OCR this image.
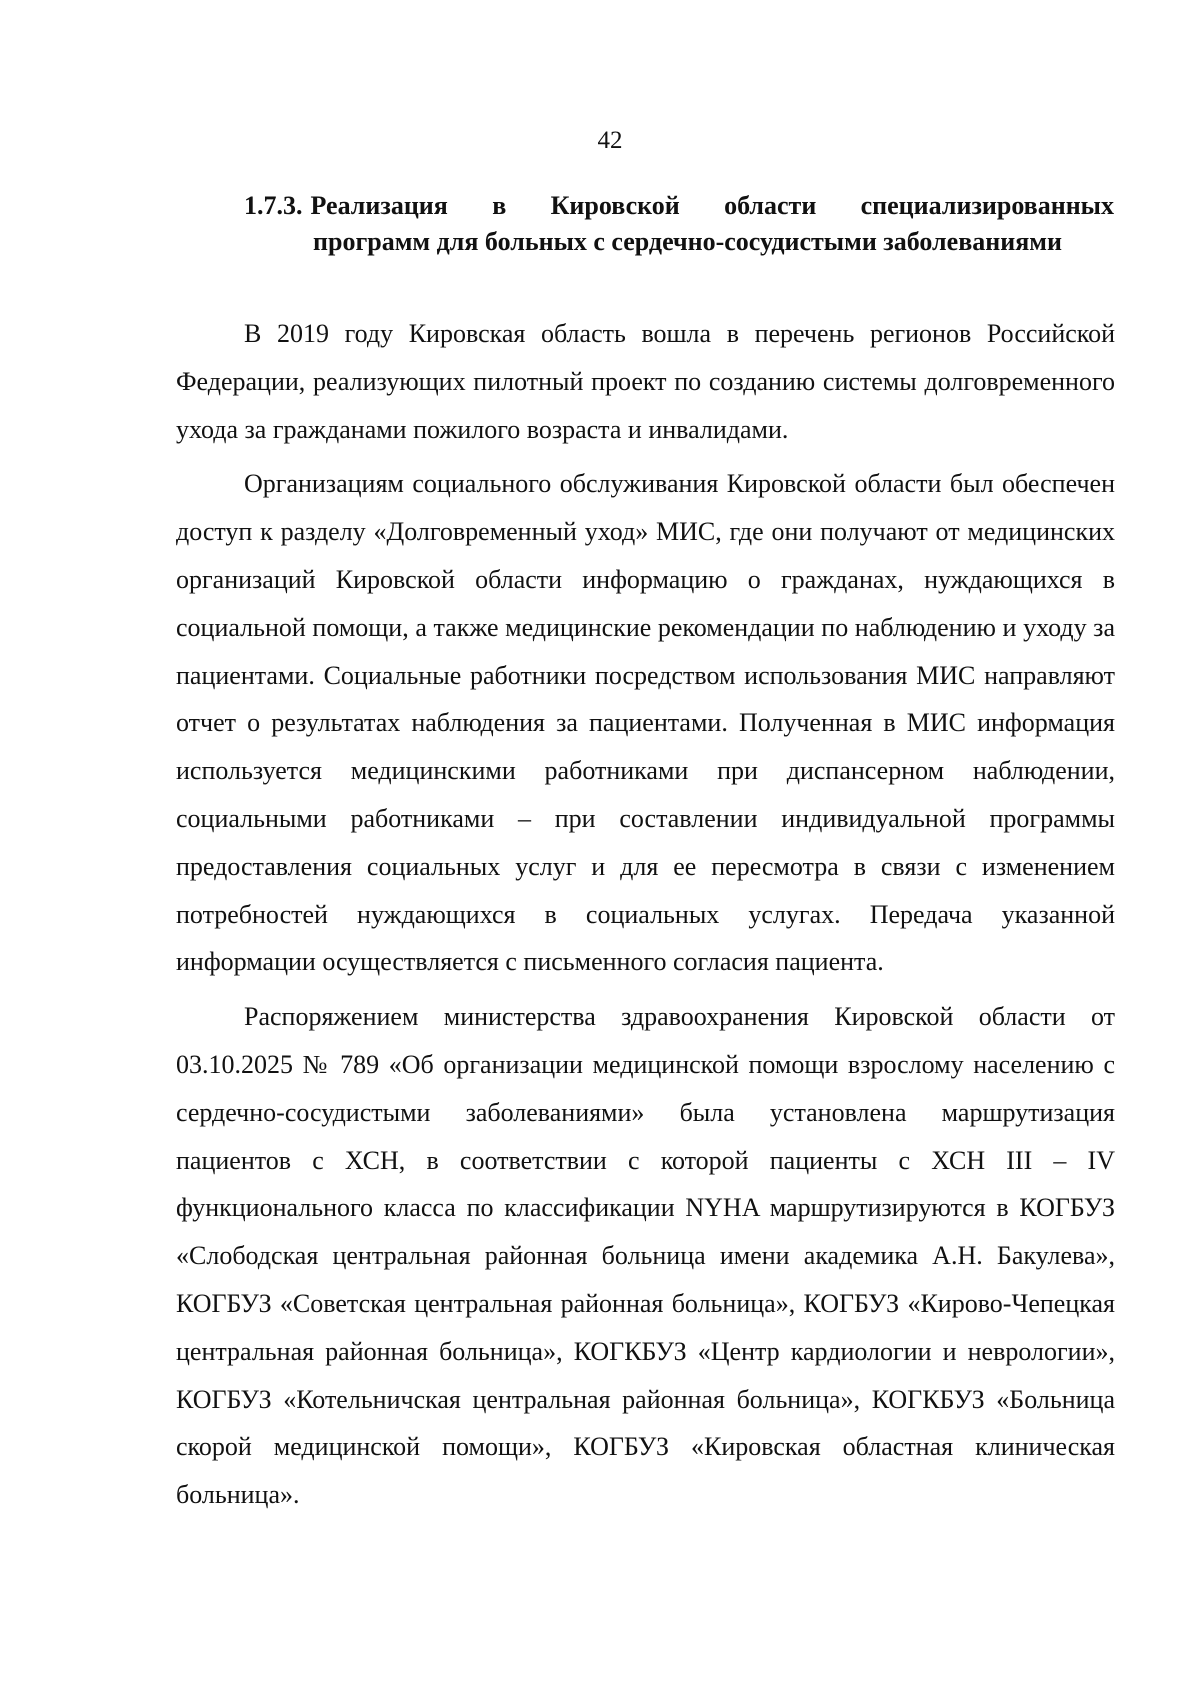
42
1.7.3. Реализация в Кировской области специализированных
программ для больных с сердечно-сосудистыми заболеваниями

В 2019 году Кировская область вошла в перечень регионов Российской Федерации, реализующих пилотный проект по созданию системы долговременного ухода за гражданами пожилого возраста и инвалидами.

Организациям социального обслуживания Кировской области был обеспечен доступ к разделу «Долговременный уход» МИС, где они получают от медицинских организаций Кировской области информацию о гражданах, нуждающихся в социальной помощи, а также медицинские рекомендации по наблюдению и уходу за пациентами. Социальные работники посредством использования МИС направляют отчет о результатах наблюдения за пациентами. Полученная в МИС информация используется медицинскими работниками при диспансерном наблюдении, социальными работниками – при составлении индивидуальной программы предоставления социальных услуг и для ее пересмотра в связи с изменением потребностей нуждающихся в социальных услугах. Передача указанной информации осуществляется с письменного согласия пациента.

Распоряжением министерства здравоохранения Кировской области от 03.10.2025 № 789 «Об организации медицинской помощи взрослому населению с сердечно-сосудистыми заболеваниями» была установлена маршрутизация пациентов с ХСН, в соответствии с которой пациенты с ХСН III – IV функционального класса по классификации NYHA маршрутизируются в КОГБУЗ «Слободская центральная районная больница имени академика А.Н. Бакулева», КОГБУЗ «Советская центральная районная больница», КОГБУЗ «Кирово-Чепецкая центральная районная больница», КОГКБУЗ «Центр кардиологии и неврологии», КОГБУЗ «Котельничская центральная районная больница», КОГКБУЗ «Больница скорой медицинской помощи», КОГБУЗ «Кировская областная клиническая больница».
